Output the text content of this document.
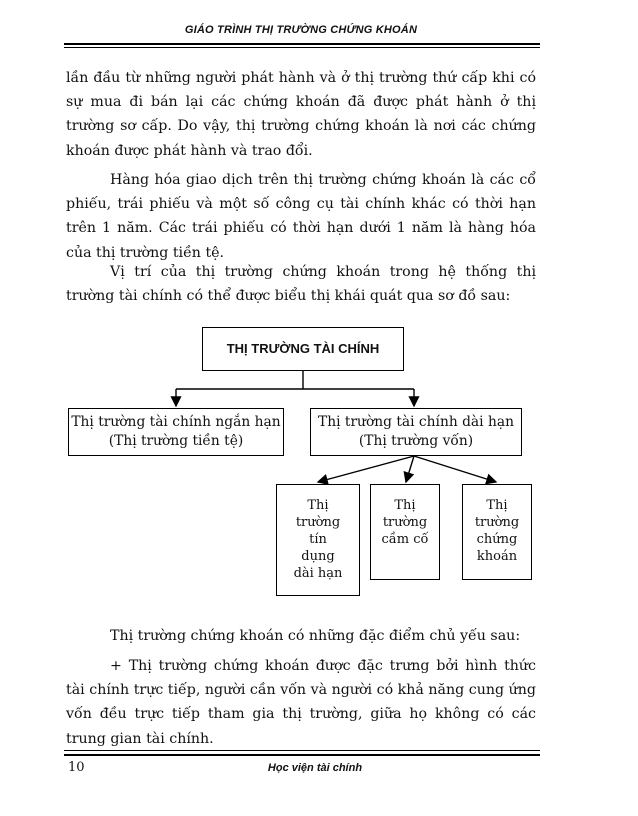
GIÁO TRÌNH THỊ TRƯỜNG CHỨNG KHOÁN

lần đầu từ những người phát hành và ở thị trường thứ cấp khi có sự mua đi bán lại các chứng khoán đã được phát hành ở thị trường sơ cấp. Do vậy, thị trường chứng khoán là nơi các chứng khoán được phát hành và trao đổi.

Hàng hóa giao dịch trên thị trường chứng khoán là các cổ phiếu, trái phiếu và một số công cụ tài chính khác có thời hạn trên 1 năm. Các trái phiếu có thời hạn dưới 1 năm là hàng hóa của thị trường tiền tệ.

Vị trí của thị trường chứng khoán trong hệ thống thị trường tài chính có thể được biểu thị khái quát qua sơ đồ sau:

THỊ TRƯỜNG TÀI CHÍNH
Thị trường tài chính ngắn hạn
(Thị trường tiền tệ)
Thị trường tài chính dài hạn
(Thị trường vốn)
Thị
trường
tín
dụng
dài hạn
Thị
trường
cầm cố
Thị
trường
chứng
khoán

Thị trường chứng khoán có những đặc điểm chủ yếu sau:

+ Thị trường chứng khoán được đặc trưng bởi hình thức tài chính trực tiếp, người cần vốn và người có khả năng cung ứng vốn đều trực tiếp tham gia thị trường, giữa họ không có các trung gian tài chính.

10	Học viện tài chính
